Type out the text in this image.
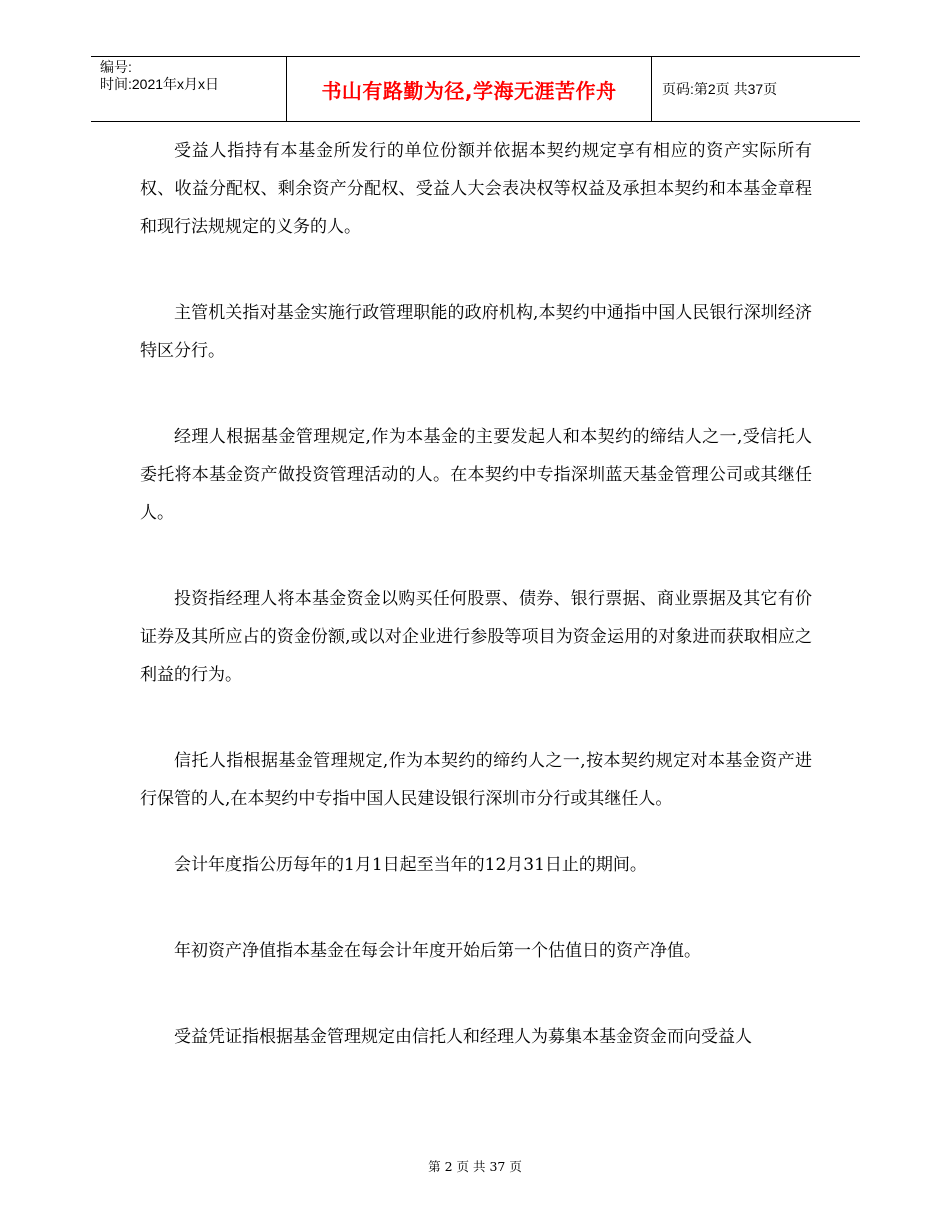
编号:
时间:2021年x月x日	书山有路勤为径,学海无涯苦作舟	页码:第2页 共37页

受益人指持有本基金所发行的单位份额并依据本契约规定享有相应的资产实际所有权、收益分配权、剩余资产分配权、受益人大会表决权等权益及承担本契约和本基金章程和现行法规规定的义务的人。

主管机关指对基金实施行政管理职能的政府机构,本契约中通指中国人民银行深圳经济特区分行。

经理人根据基金管理规定,作为本基金的主要发起人和本契约的缔结人之一,受信托人委托将本基金资产做投资管理活动的人。在本契约中专指深圳蓝天基金管理公司或其继任人。

投资指经理人将本基金资金以购买任何股票、债券、银行票据、商业票据及其它有价证券及其所应占的资金份额,或以对企业进行参股等项目为资金运用的对象进而获取相应之利益的行为。

信托人指根据基金管理规定,作为本契约的缔约人之一,按本契约规定对本基金资产进行保管的人,在本契约中专指中国人民建设银行深圳市分行或其继任人。

会计年度指公历每年的1月1日起至当年的12月31日止的期间。

年初资产净值指本基金在每会计年度开始后第一个估值日的资产净值。

受益凭证指根据基金管理规定由信托人和经理人为募集本基金资金而向受益人

第 2 页 共 37 页
